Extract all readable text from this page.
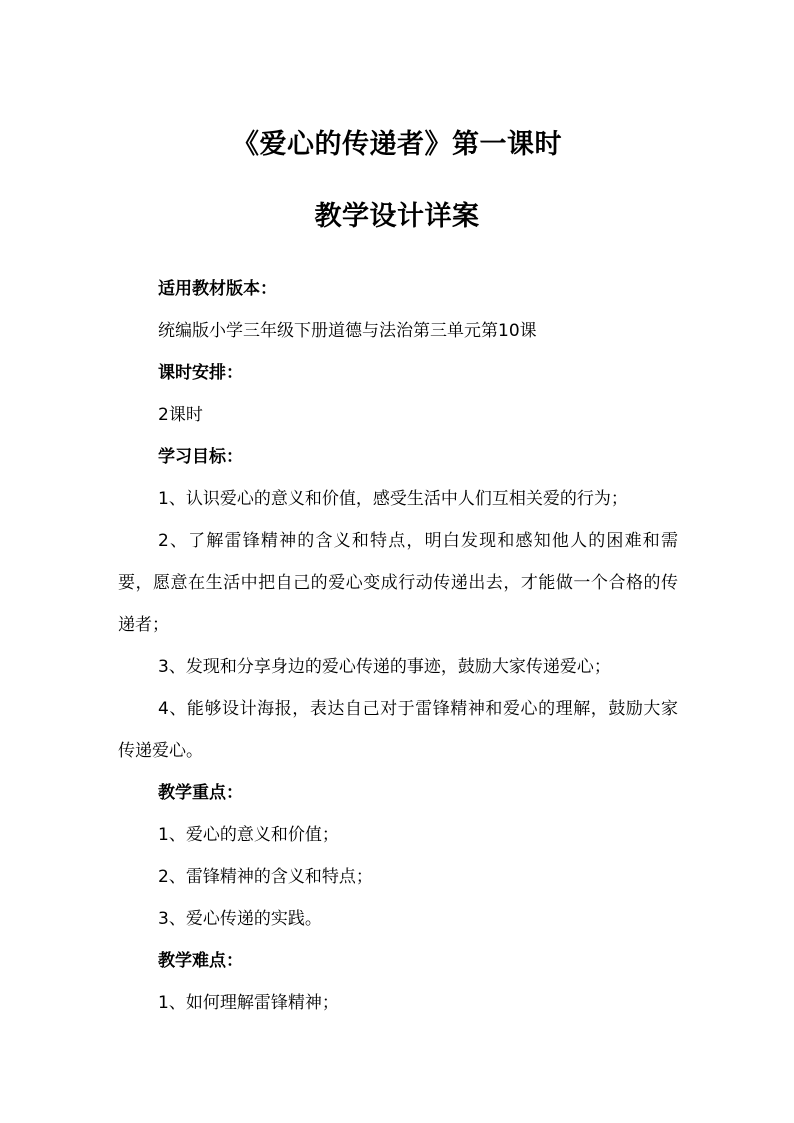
《爱心的传递者》第一课时
教学设计详案
适用教材版本：
统编版小学三年级下册道德与法治第三单元第10课
课时安排：
2课时
学习目标：
1、认识爱心的意义和价值，感受生活中人们互相关爱的行为；
2、了解雷锋精神的含义和特点，明白发现和感知他人的困难和需要，愿意在生活中把自己的爱心变成行动传递出去，才能做一个合格的传递者；
3、发现和分享身边的爱心传递的事迹，鼓励大家传递爱心；
4、能够设计海报，表达自己对于雷锋精神和爱心的理解，鼓励大家传递爱心。
教学重点：
1、爱心的意义和价值；
2、雷锋精神的含义和特点；
3、爱心传递的实践。
教学难点：
1、如何理解雷锋精神；
